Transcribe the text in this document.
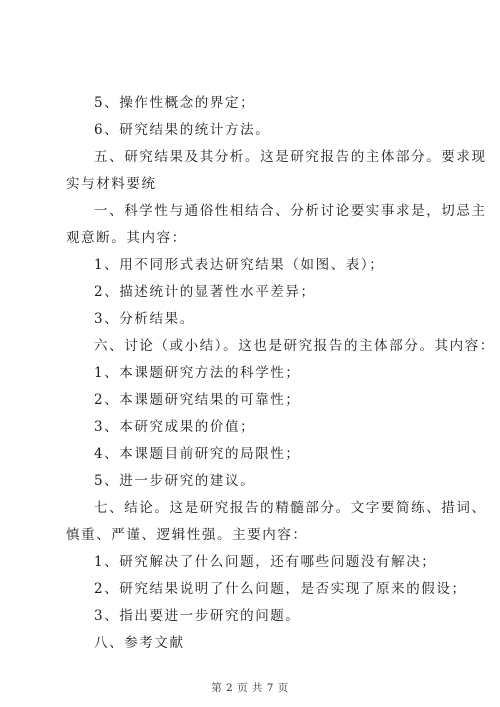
5、操作性概念的界定；
6、研究结果的统计方法。
五、研究结果及其分析。这是研究报告的主体部分。要求现
实与材料要统
一、科学性与通俗性相结合、分析讨论要实事求是，切忌主
观意断。其内容：
1、用不同形式表达研究结果（如图、表）；
2、描述统计的显著性水平差异；
3、分析结果。
六、讨论（或小结）。这也是研究报告的主体部分。其内容：
1、本课题研究方法的科学性；
2、本课题研究结果的可靠性；
3、本研究成果的价值；
4、本课题目前研究的局限性；
5、进一步研究的建议。
七、结论。这是研究报告的精髓部分。文字要简练、措词、
慎重、严谨、逻辑性强。主要内容：
1、研究解决了什么问题，还有哪些问题没有解决；
2、研究结果说明了什么问题，是否实现了原来的假设；
3、指出要进一步研究的问题。
八、参考文献
第 2 页 共 7 页
